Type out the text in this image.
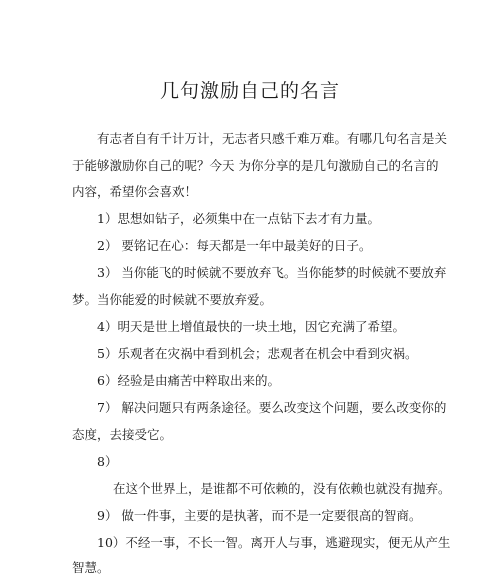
几句激励自己的名言
有志者自有千计万计，无志者只感千难万难。有哪几句名言是关
于能够激励你自己的呢？今天 为你分享的是几句激励自己的名言的
内容，希望你会喜欢！
1）思想如钻子，必须集中在一点钻下去才有力量。
2） 要铭记在心：每天都是一年中最美好的日子。
3） 当你能飞的时候就不要放弃飞。当你能梦的时候就不要放弃
梦。当你能爱的时候就不要放弃爱。
4）明天是世上增值最快的一块土地，因它充满了希望。
5）乐观者在灾祸中看到机会；悲观者在机会中看到灾祸。
6）经验是由痛苦中粹取出来的。
7） 解决问题只有两条途径。要么改变这个问题，要么改变你的
态度，去接受它。
8）
在这个世界上，是谁都不可依赖的，没有依赖也就没有抛弃。
9） 做一件事，主要的是执著，而不是一定要很高的智商。
10）不经一事，不长一智。离开人与事，逃避现实，便无从产生
智慧。
